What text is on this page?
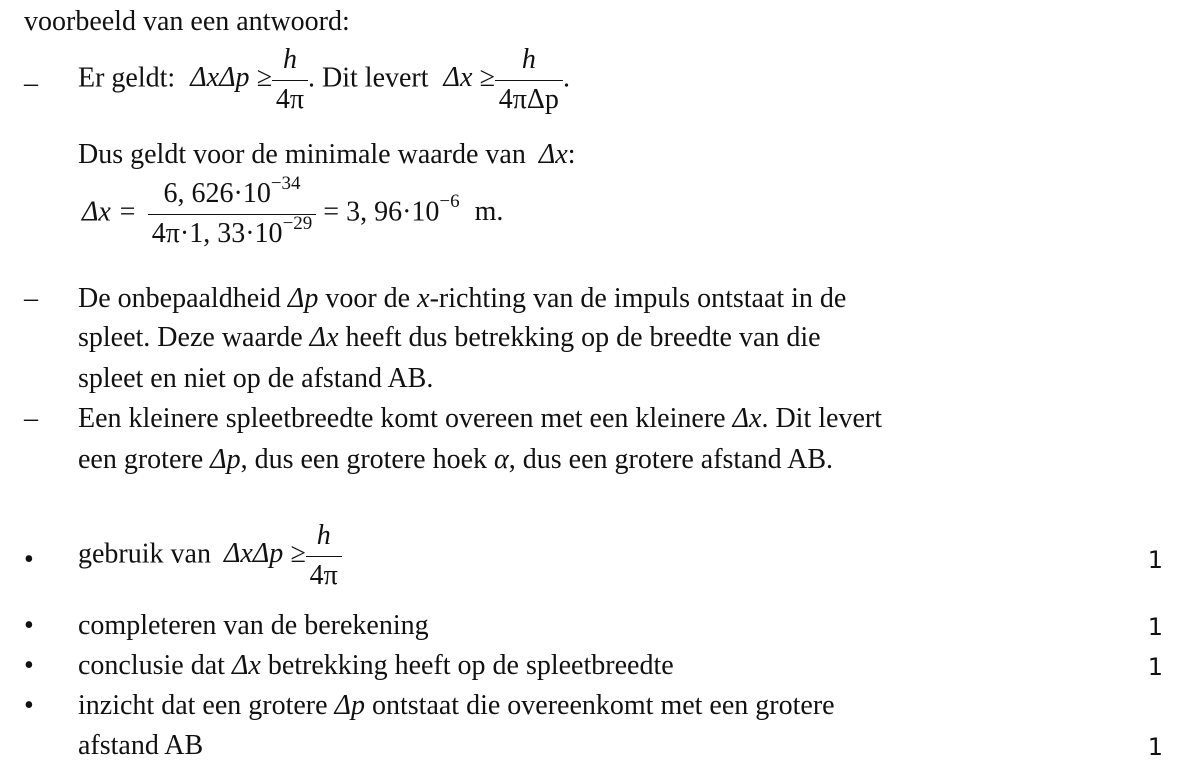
voorbeeld van een antwoord:
– Er geldt: $\Delta x\Delta p \ge \frac{h}{4\pi}$ . Dit levert $\Delta x \ge \frac{h}{\text{4πΔp}}$ .
Dus geldt voor de minimale waarde van Δx:
$\Delta x = \frac{6, 626\cdot 10^{-34}}{4\pi\cdot 1, 33\cdot 10^{-29}} = 3$, $96\cdot 10^{-6}$ m.
– De onbepaaldheid Δp voor de x-richting van de impuls ontstaat in de
spleet. Deze waarde Δx heeft dus betrekking op de breedte van die
spleet en niet op de afstand AB.
– Een kleinere spleetbreedte komt overeen met een kleinere Δx. Dit levert
een grotere Δp, dus een grotere hoek α, dus een grotere afstand AB.
• gebruik van $\Delta x\Delta p \ge \frac{h}{4\pi}$	1
• completeren van de berekening	1
• conclusie dat Δx betrekking heeft op de spleetbreedte	1
• inzicht dat een grotere Δp ontstaat die overeenkomt met een grotere
afstand AB	1
